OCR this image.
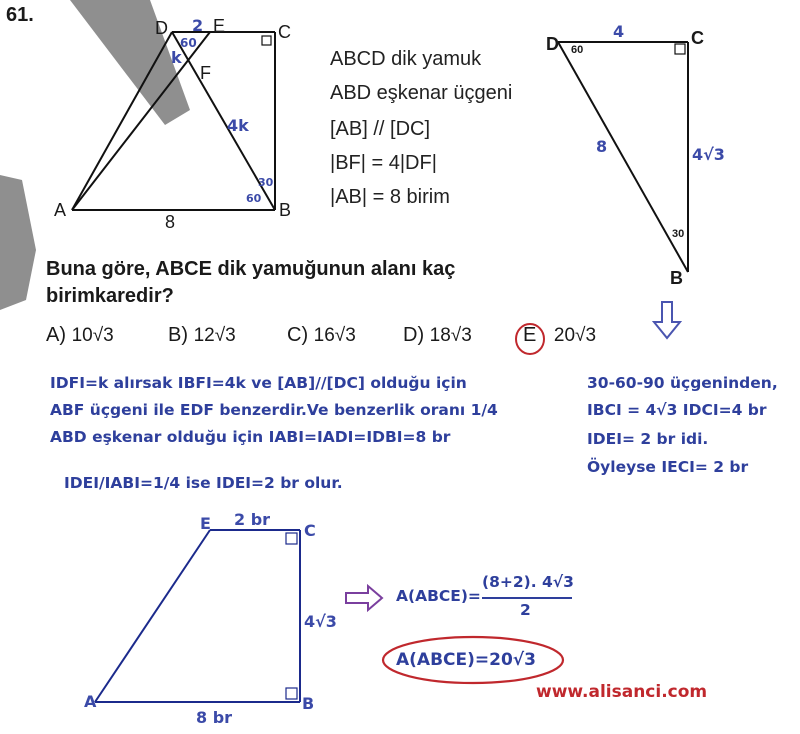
61.
D	E	C
F
A	B
2
60
k
4k
8
30
60
ABCD dik yamuk
ABD eşkenar üçgeni
[AB] // [DC]
|BF| = 4|DF|
|AB| = 8 birim
D	C
B
4
60
8	4√3
30
Buna göre, ABCE dik yamuğunun alanı kaç birimkaredir?
A) 10√3	B) 12√3	C) 16√3 D) 18√3	E 20√3
IDFI=k alırsak IBFI=4k ve [AB]//[DC] olduğu için
ABF üçgeni ile EDF benzerdir.Ve benzerlik oranı 1/4
ABD eşkenar olduğu için IABI=IADI=IDBI=8 br
IDEI/IABI=1/4 ise IDEI=2 br olur.
30-60-90 üçgeninden,
IBCI = 4√3 IDCI=4 br
IDEI= 2 br idi.
Öyleyse IECI= 2 br
E 2 br
C
4√3
A	B
8 br
A(ABCE)=
(8+2). 4√3
2
A(ABCE)=20√3
www.alisanci.com
